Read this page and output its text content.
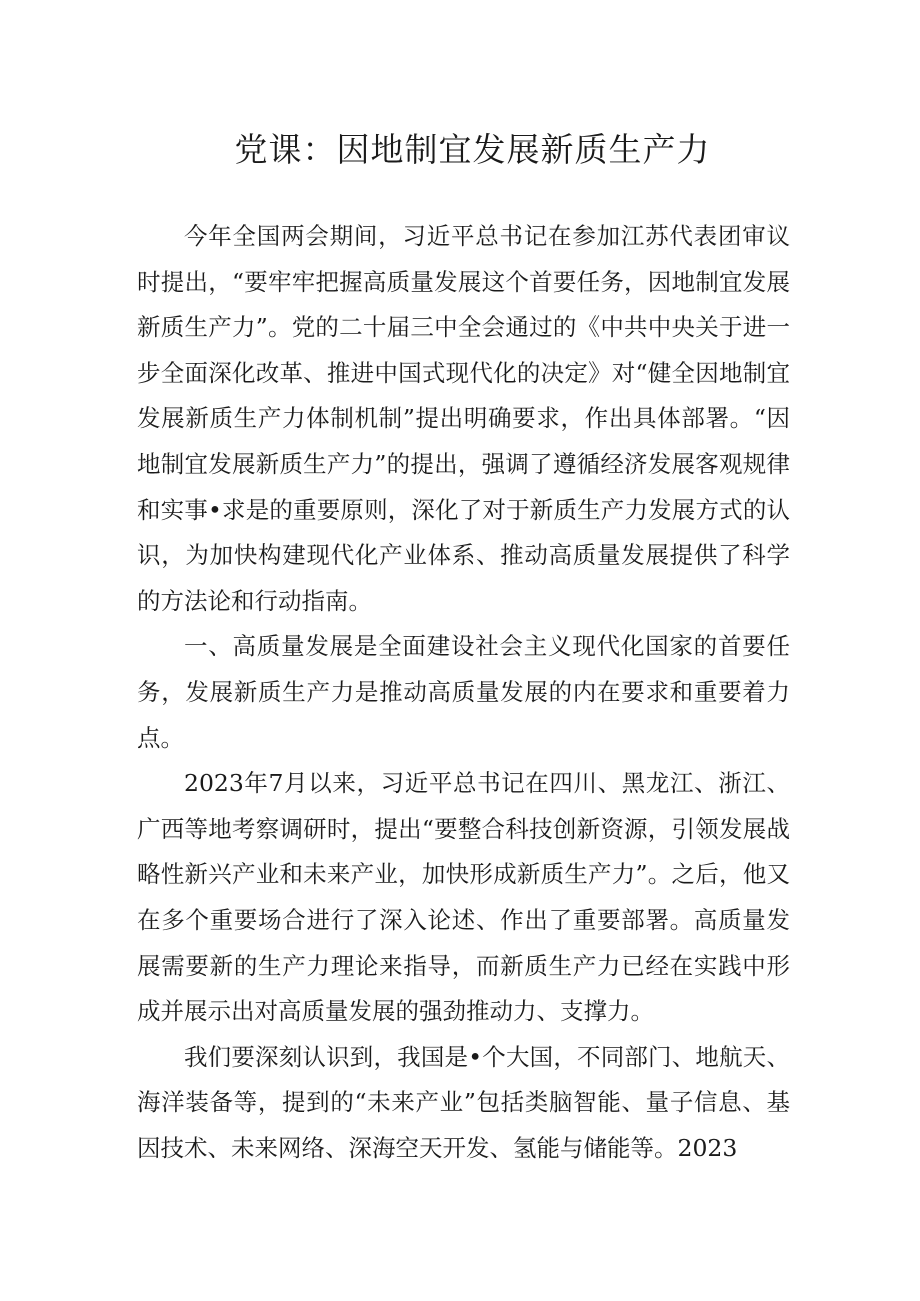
党课：因地制宜发展新质生产力

今年全国两会期间，习近平总书记在参加江苏代表团审议时提出，“要牢牢把握高质量发展这个首要任务，因地制宜发展新质生产力”。党的二十届三中全会通过的《中共中央关于进一步全面深化改革、推进中国式现代化的决定》对“健全因地制宜发展新质生产力体制机制”提出明确要求，作出具体部署。“因地制宜发展新质生产力”的提出，强调了遵循经济发展客观规律和实事•求是的重要原则，深化了对于新质生产力发展方式的认识，为加快构建现代化产业体系、推动高质量发展提供了科学的方法论和行动指南。

一、高质量发展是全面建设社会主义现代化国家的首要任务，发展新质生产力是推动高质量发展的内在要求和重要着力点。

2023年7月以来，习近平总书记在四川、黑龙江、浙江、广西等地考察调研时，提出“要整合科技创新资源，引领发展战略性新兴产业和未来产业，加快形成新质生产力”。之后，他又在多个重要场合进行了深入论述、作出了重要部署。高质量发展需要新的生产力理论来指导，而新质生产力已经在实践中形成并展示出对高质量发展的强劲推动力、支撑力。

我们要深刻认识到，我国是•个大国，不同部门、地航天、海洋装备等，提到的“未来产业”包括类脑智能、量子信息、基因技术、未来网络、深海空天开发、氢能与储能等。2023
